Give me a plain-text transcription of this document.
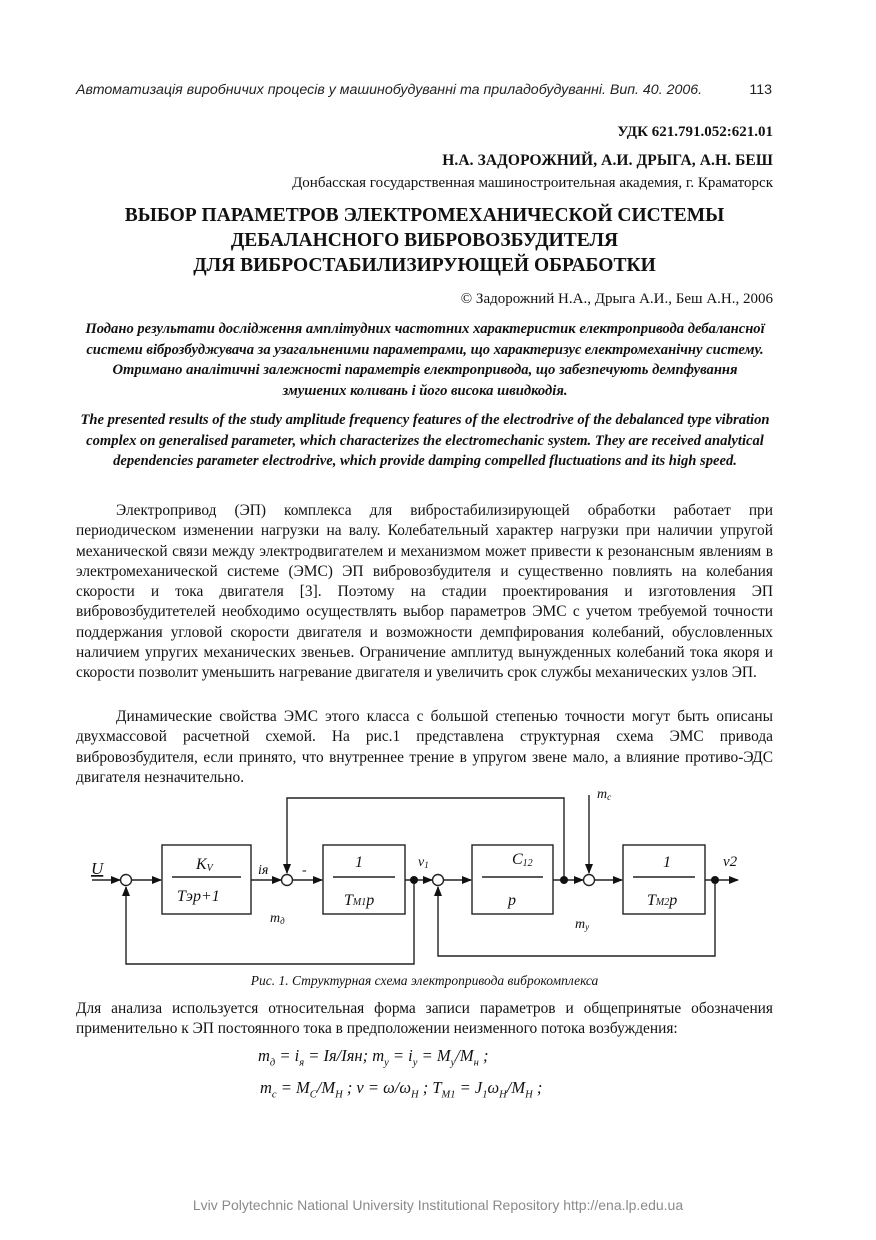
Автоматизація виробничих процесів у машинобудуванні та приладобудуванні. Вип. 40. 2006.	113
УДК 621.791.052:621.01
Н.А. ЗАДОРОЖНИЙ, А.И. ДРЫГА, А.Н. БЕШ
Донбасская государственная машиностроительная академия, г. Краматорск
ВЫБОР ПАРАМЕТРОВ ЭЛЕКТРОМЕХАНИЧЕСКОЙ СИСТЕМЫ
ДЕБАЛАНСНОГО ВИБРОВОЗБУДИТЕЛЯ
ДЛЯ ВИБРОСТАБИЛИЗИРУЮЩЕЙ ОБРАБОТКИ
© Задорожний Н.А., Дрыга А.И., Беш А.Н., 2006
Подано результати дослідження амплітудних частотних характеристик електропривода дебалансної системи віброзбуджувача за узагальненими параметрами, що характеризує електромеханічну систему. Отримано аналітичні залежності параметрів електропривода, що забезпечують демпфування змушених коливань і його висока швидкодія.
The presented results of the study amplitude frequency features of the electrodrive of the debalanced type vibration complex on generalised parameter, which characterizes the electromechanic system. They are received analytical dependencies parameter electrodrive, which provide damping compelled fluctuations and its high speed.
Электропривод (ЭП) комплекса для вибростабилизирующей обработки работает при периодическом изменении нагрузки на валу. Колебательный характер нагрузки при наличии упругой механической связи между электродвигателем и механизмом может привести к резонансным явлениям в электромеханической системе (ЭМС) ЭП вибровозбудителя и существенно повлиять на колебания скорости и тока двигателя [3]. Поэтому на стадии проектирования и изготовления ЭП вибровозбудитетелей необходимо осуществлять выбор параметров ЭМС с учетом требуемой точности поддержания угловой скорости двигателя и возможности демпфирования колебаний, обусловленных наличием упругих механических звеньев. Ограничение амплитуд вынужденных колебаний тока якоря и скорости позволит уменьшить нагревание двигателя и увеличить срок службы механических узлов ЭП.
Динамические свойства ЭМС этого класса с большой степенью точности могут быть описаны двухмассовой расчетной схемой. На рис.1 представлена структурная схема ЭМС привода вибровозбудителя, если принято, что внутреннее трение в упругом звене мало, а влияние противо-ЭДС двигателя незначительно.
U	KV
Tэp+1
iя -	1
TM1p
mд
v1	C12
p
mc
my
1
TM2p
ν2
Рис. 1. Структурная схема электропривода виброкомплекса
Для анализа используется относительная форма записи параметров и общепринятые обозначения применительно к ЭП постоянного тока в предположении неизменного потока возбуждения:
$m_д = i_я = Iя/Iян$; $m_у = i_у = M_у/M_н$ ;
$m_c = M_C/M_H$ ; $\nu = \omega/\omega_H$ ; $T_{M1} = J_1\omega_H/M_H$ ;
Lviv Polytechnic National University Institutional Repository http://ena.lp.edu.ua
